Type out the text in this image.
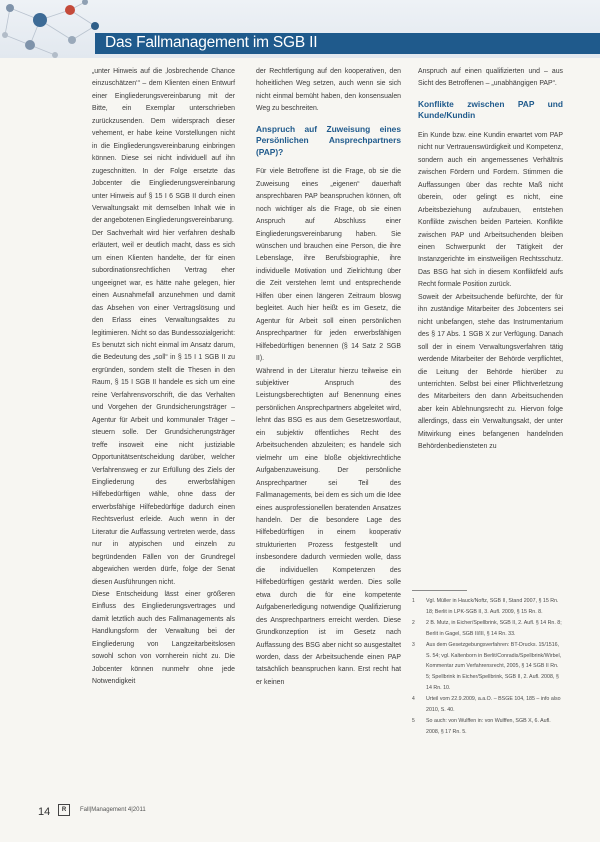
Das Fallmanagement im SGB II

„unter Hinweis auf die ‚losbrechende Chance einzuschätzen‘“ – dem Klienten einen Entwurf einer Eingliederungsvereinbarung mit der Bitte, ein Exemplar unterschrieben zurückzusenden. Dem widersprach dieser vehement, er habe keine Vorstellungen nicht in die Eingliederungsvereinbarung einbringen können. Diese sei nicht individuell auf ihn zugeschnitten. In der Folge ersetzte das Jobcenter die Eingliederungsvereinbarung unter Hinweis auf § 15 I 6 SGB II durch einen Verwaltungsakt mit demselben Inhalt wie in der angebotenen Eingliederungsvereinbarung.

Der Sachverhalt wird hier verfahren deshalb erläutert, weil er deutlich macht, dass es sich um einen Klienten handelte, der für einen subordinationsrechtlichen Vertrag eher ungeeignet war, es hätte nahe gelegen, hier einen Ausnahmefall anzunehmen und damit das Absehen von einer Vertragslösung und den Erlass eines Verwaltungsaktes zu legitimieren. Nicht so das Bundessozialgericht: Es benutzt sich nicht einmal im Ansatz darum, die Bedeutung des „soll“ in § 15 I 1 SGB II zu ergründen, sondern stellt die Thesen in den Raum, § 15 I SGB II handele es sich um eine reine Verfahrensvorschrift, die das Verhalten und Vorgehen der Grundsicherungsträger – Agentur für Arbeit und kommunaler Träger – steuern solle. Der Grundsicherungsträger treffe insoweit eine nicht justiziable Opportunitätsentscheidung darüber, welcher Verfahrensweg er zur Erfüllung des Ziels der Eingliederung des erwerbsfähigen Hilfebedürftigen wähle, ohne dass der erwerbsfähige Hilfebedürftige dadurch einen Rechtsverlust erleide. Auch wenn in der Literatur die Auffassung vertreten werde, dass nur in atypischen und einzeln zu begründenden Fällen von der Grundregel abgewichen werden dürfe, folge der Senat diesen Ausführungen nicht.

Diese Entscheidung lässt einer größeren Einfluss des Eingliederungsvertrages und damit letztlich auch des Fallmanagements als Handlungsform der Verwaltung bei der Eingliederung von Langzeitarbeitslosen sowohl schon von vornherein nicht zu. Die Jobcenter können nunmehr ohne jede Notwendigkeit

der Rechtfertigung auf den kooperativen, den hoheitlichen Weg setzen, auch wenn sie sich nicht einmal bemüht haben, den konsensualen Weg zu beschreiten.

Anspruch auf Zuweisung eines Persönlichen Ansprechpartners (PAP)?

Für viele Betroffene ist die Frage, ob sie die Zuweisung eines „eigenen“ dauerhaft ansprechbaren PAP beanspruchen können, oft noch wichtiger als die Frage, ob sie einen Anspruch auf Abschluss einer Eingliederungsvereinbarung haben. Sie wünschen und brauchen eine Person, die ihre Lebenslage, ihre Berufsbiographie, ihre individuelle Motivation und Zielrichtung über die Zeit verstehen lernt und entsprechende Hilfen über einen längeren Zeitraum bloswg begleitet. Auch hier heißt es im Gesetz, die Agentur für Arbeit soll einen persönlichen Ansprechpartner für jeden erwerbsfähigen Hilfebedürftigen benennen (§ 14 Satz 2 SGB II).

Während in der Literatur hierzu teilweise ein subjektiver Anspruch des Leistungsberechtigten auf Benennung eines persönlichen Ansprechpartners abgeleitet wird, lehnt das BSG es aus dem Gesetzeswortlaut, ein subjektiv öffentliches Recht des Arbeitsuchenden abzuleiten; es handele sich vielmehr um eine bloße objektivrechtliche Aufgabenzuweisung. Der persönliche Ansprechpartner sei Teil des Fallmanagements, bei dem es sich um die Idee eines ausprofessionellen beratenden Ansatzes handeln. Der die besondere Lage des Hilfebedürftigen in einem kooperativ strukturierten Prozess festgestellt und insbesondere dadurch vermieden wolle, dass die individuellen Kompetenzen des Hilfebedürftigen gestärkt werden. Dies solle etwa durch die für eine kompetente Aufgabenerledigung notwendige Qualifizierung des Ansprechpartners erreicht werden. Diese Grundkonzeption ist im Gesetz nach Auffassung des BSG aber nicht so ausgestaltet worden, dass der Arbeitsuchende einen PAP tatsächlich beanspruchen kann. Erst recht hat er keinen

Anspruch auf einen qualifizierten und – aus Sicht des Betroffenen – „unabhängigen PAP“.

Konflikte zwischen PAP und Kunde/Kundin

Ein Kunde bzw. eine Kundin erwartet vom PAP nicht nur Vertrauenswürdigkeit und Kompetenz, sondern auch ein angemessenes Verhältnis zwischen Fördern und Fordern. Stimmen die Auffassungen über das rechte Maß nicht überein, oder gelingt es nicht, eine Arbeitsbeziehung aufzubauen, entstehen Konflikte zwischen beiden Parteien. Konflikte zwischen PAP und Arbeitsuchenden bleiben einen Schwerpunkt der Tätigkeit der Instanzgerichte im einstweiligen Rechtsschutz. Das BSG hat sich in diesem Konfliktfeld aufs Recht formale Position zurück.

Soweit der Arbeitsuchende befürchte, der für ihn zuständige Mitarbeiter des Jobcenters sei nicht unbefangen, stehe das Instrumentarium des § 17 Abs. 1 SGB X zur Verfügung. Danach soll der in einem Verwaltungsverfahren tätig werdende Mitarbeiter der Behörde verpflichtet, die Leitung der Behörde hierüber zu unterrichten. Selbst bei einer Pflichtverletzung des Mitarbeiters den dann Arbeitsuchenden aber kein Ablehnungsrecht zu. Hiervon folge allerdings, dass ein Verwaltungsakt, der unter Mitwirkung eines befangenen handelnden Behördenbediensteten zu

1	Vgl. Müller in Hauck/Noftz, SGB II, Stand 2007, § 15 Rn. 18; Berlit in LPK-SGB II, 3. Aufl. 2009, § 15 Rn. 8.
2	2 B. Mutz, in Eicher/Spellbrink, SGB II, 2. Aufl. § 14 Rn. 8; Berlit in Gagel, SGB II/III, § 14 Rn. 33.
3	Aus dem Gesetzgebungsverfahren: BT-Drucks. 15/1516, S. 54; vgl. Kaltenborn in Berlit/Conradis/Spellbrink/Wirbel, Kommentar zum Verfahrensrecht, 2005, § 14 SGB II Rn. 5; Spellbrink in Eicher/Spellbrink, SGB II, 2. Aufl. 2008, § 14 Rn. 10.
4	Urteil vom 22.9.2009, a.a.O. – BSGE 104, 185 – info also 2010, S. 40.
5	So auch: von Wulffen in: von Wulffen, SGB X, 6. Aufl. 2008, § 17 Rn. 5.
14	R	Fall|Management 4|2011
